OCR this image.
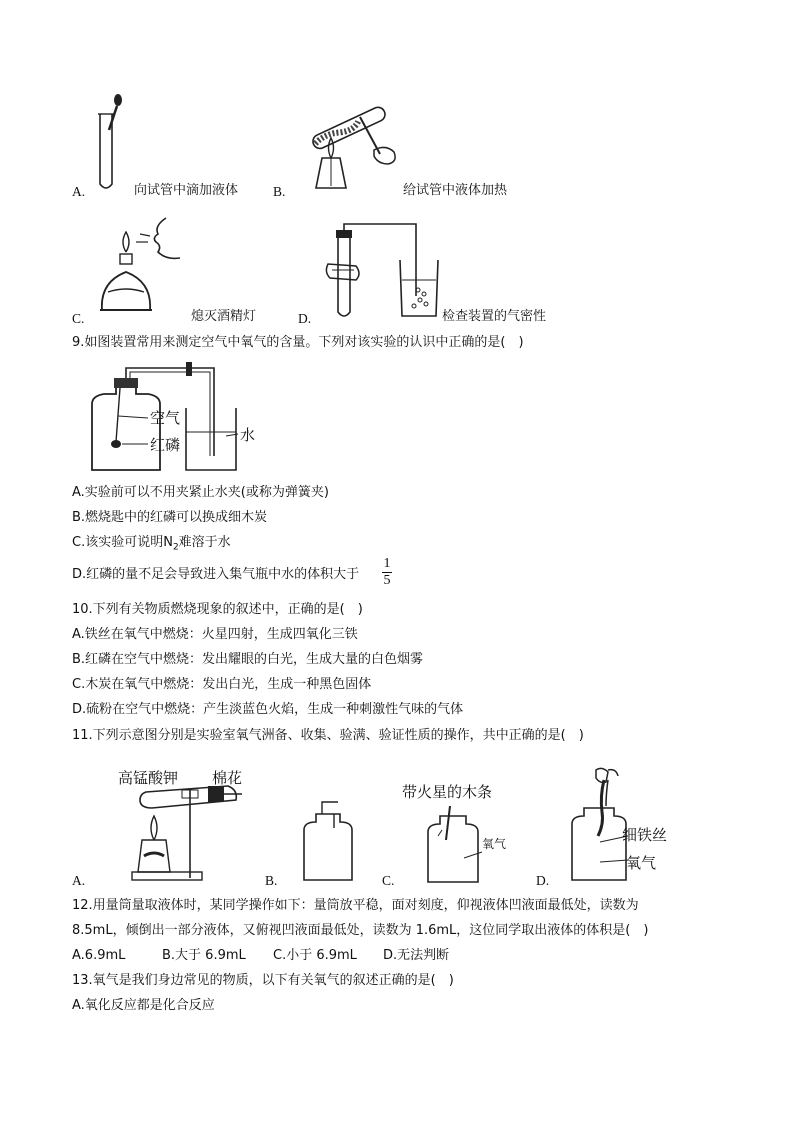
A.	向试管中滴加液体	B.	给试管中液体加热
C.	熄灭酒精灯	D.	检查装置的气密性
9.如图装置常用来测定空气中氧气的含量。下列对该实验的认识中正确的是(　)
空气
红磷
水
A.实验前可以不用夹紧止水夹(或称为弹簧夹)
B.燃烧匙中的红磷可以换成细木炭
C.该实验可说明$N_2$难溶于水
D.红磷的量不足会导致进入集气瓶中水的体积大于
1
5
10.下列有关物质燃烧现象的叙述中，正确的是(　)
A.铁丝在氧气中燃烧：火星四射，生成四氧化三铁
B.红磷在空气中燃烧：发出耀眼的白光，生成大量的白色烟雾
C.木炭在氧气中燃烧：发出白光，生成一种黑色固体
D.硫粉在空气中燃烧：产生淡蓝色火焰，生成一种刺激性气味的气体
11.下列示意图分别是实验室氧气洲备、收集、验满、验证性质的操作，共中正确的是(　)
高锰酸钾 棉花
A.	B.
带火星的木条
氧气
C.
细铁丝
氧气
D.
12.用量筒量取液体时，某同学操作如下：量筒放平稳，面对刻度，仰视液体凹液面最低处，读数为
8.5mL，倾倒出一部分液体，又俯视凹液面最低处，读数为 1.6mL，这位同学取出液体的体积是(　)
A.6.9mL	B.大于 6.9mL C.小于 6.9mL D.无法判断
13.氧气是我们身边常见的物质，以下有关氧气的叙述正确的是(　)
A.氧化反应都是化合反应
